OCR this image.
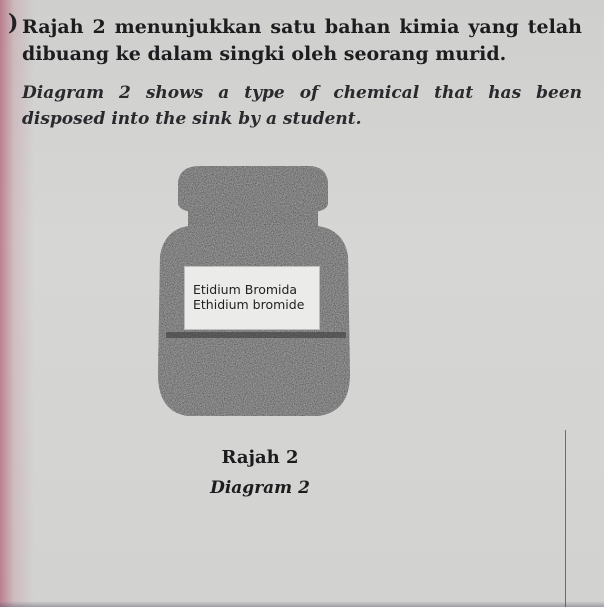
) Rajah 2 menunjukkan satu bahan kimia yang telah dibuang ke dalam singki oleh seorang murid.

Diagram 2 shows a type of chemical that has been disposed into the sink by a student.

Etidium Bromida
Ethidium bromide

Rajah 2

Diagram 2
